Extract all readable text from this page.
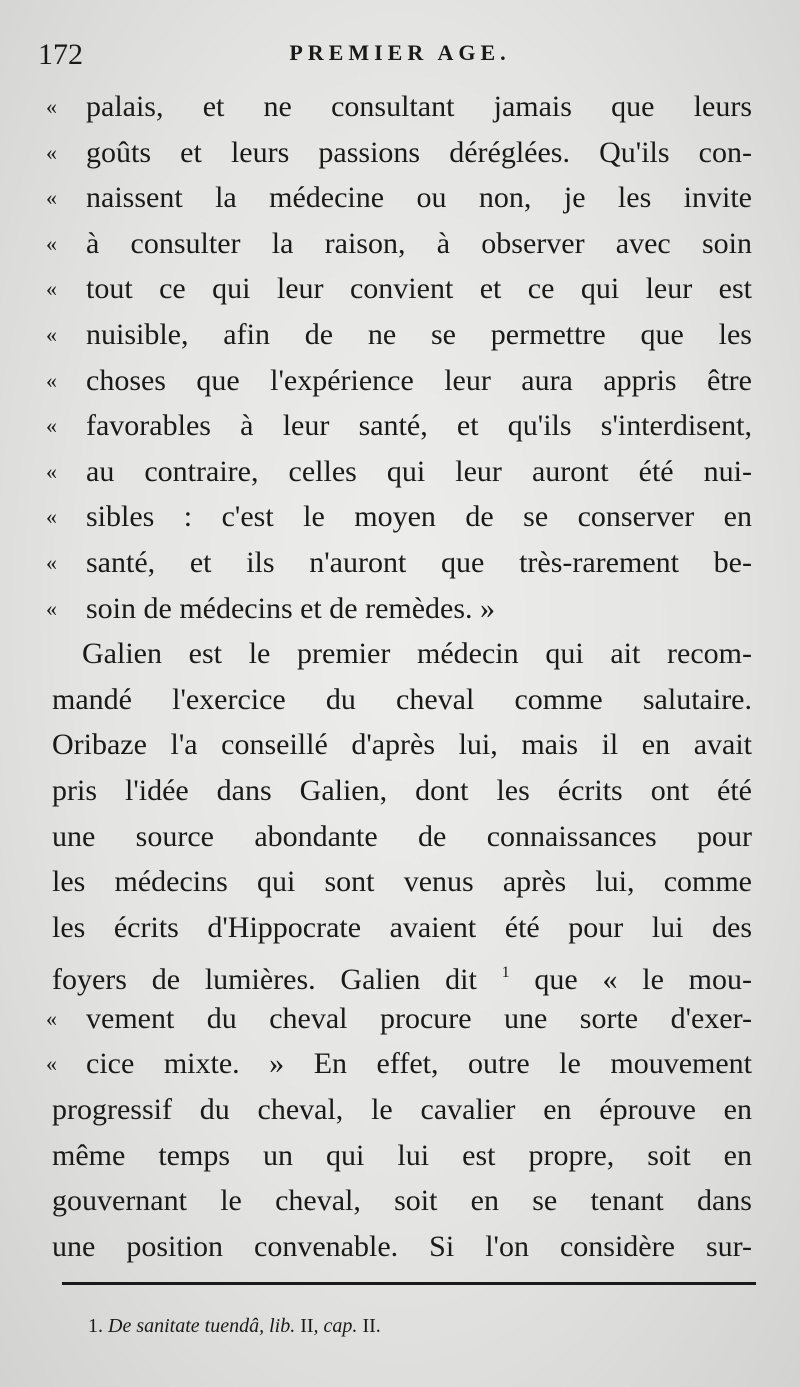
172	PREMIER AGE.
« palais, et ne consultant jamais que leurs
« goûts et leurs passions déréglées. Qu'ils con-
« naissent la médecine ou non, je les invite
« à consulter la raison, à observer avec soin
« tout ce qui leur convient et ce qui leur est
« nuisible, afin de ne se permettre que les
« choses que l'expérience leur aura appris être
« favorables à leur santé, et qu'ils s'interdisent,
« au contraire, celles qui leur auront été nui-
« sibles : c'est le moyen de se conserver en
« santé, et ils n'auront que très-rarement be-
« soin de médecins et de remèdes. »
Galien est le premier médecin qui ait recom-
mandé l'exercice du cheval comme salutaire.
Oribaze l'a conseillé d'après lui, mais il en avait
pris l'idée dans Galien, dont les écrits ont été
une source abondante de connaissances pour
les médecins qui sont venus après lui, comme
les écrits d'Hippocrate avaient été pour lui des
foyers de lumières. Galien dit $^1$ que « le mou-
« vement du cheval procure une sorte d'exer-
« cice mixte. » En effet, outre le mouvement
progressif du cheval, le cavalier en éprouve en
même temps un qui lui est propre, soit en
gouvernant le cheval, soit en se tenant dans
une position convenable. Si l'on considère sur-
1. De sanitate tuendâ, lib. II, cap. II.
